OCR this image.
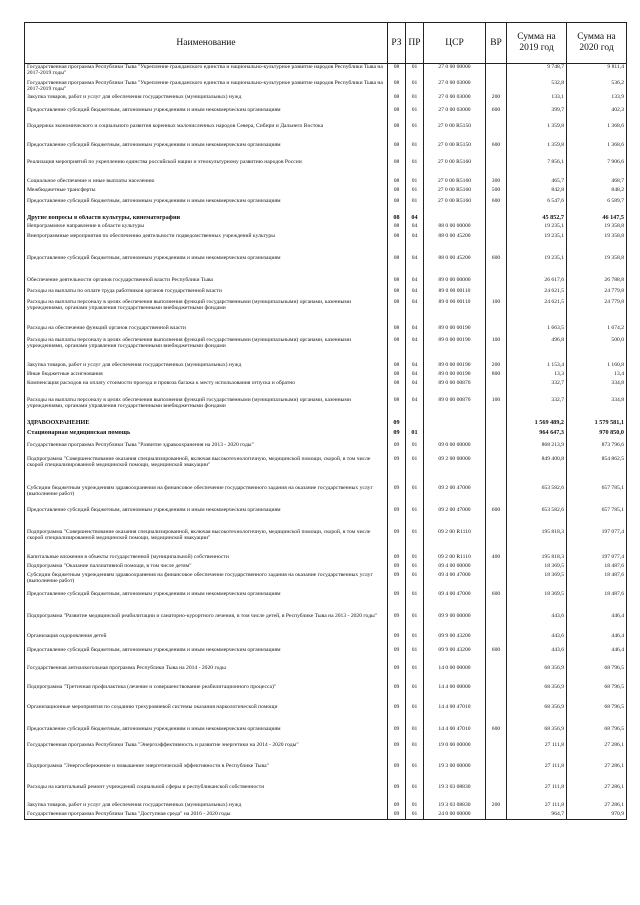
Наименование	РЗ	ПР	ЦСР	ВР	Сумма на 2019 год	Сумма на 2020 год
Государственная программа Республики Тыва "Укрепление гражданского единства и национально-культурное развитие народов Республики Тыва на 2017-2019 годы"	08	01	27 0 00 00000		9 748,7	9 811,4
Государственная программа Республики Тыва "Укрепление гражданского единства и национально-культурное развитие народов Республики Тыва на 2017-2019 годы"	08	01	27 0 00 03000		532,8	536,2
Закупка товаров, работ и услуг для обеспечения государственных (муниципальных) нужд	08	01	27 0 00 03000	200	133,1	133,9
Предоставление субсидий бюджетным, автономным учреждениям и иным некоммерческим организациям	08	01	27 0 00 03000	600	399,7	402,3
Поддержка экономического и социального развития коренных малочисленных народов Севера, Сибири и Дальнего Востока	08	01	27 0 00 R5150		1 359,8	1 368,6
Предоставление субсидий бюджетным, автономным учреждениям и иным некоммерческим организациям	08	01	27 0 00 R5150	600	1 359,8	1 368,6
Реализация мероприятий по укреплению единства российской нации и этнокультурному развитию народов России	08	01	27 0 00 R5160		7 856,1	7 906,6
Социальное обеспечение и иные выплаты населению	08	01	27 0 00 R5160	300	465,7	468,7
Межбюджетные трансферты	08	01	27 0 00 R5160	500	842,8	848,2
Предоставление субсидий бюджетным, автономным учреждениям и иным некоммерческим организациям	08	01	27 0 00 R5160	600	6 547,6	6 589,7
Другие вопросы в области культуры, кинематографии	08	04			45 852,7	46 147,5
Непрограммное направление в области культуры	08	04	88 0 00 00000		19 235,1	19 358,8
Внепрограммные мероприятия по обеспечению деятельности подведомственных учреждений культуры	08	04	88 0 00 45200		19 235,1	19 358,8
Предоставление субсидий бюджетным, автономным учреждениям и иным некоммерческим организациям	08	04	88 0 00 45200	600	19 235,1	19 358,8
Обеспечение деятельности органов государственной власти Республики Тыва	08	04	89 0 00 00000		26 617,6	26 788,8
Расходы на выплаты по оплате труда работников органов государственной власти	08	04	89 0 00 00110		24 621,5	24 779,8
Расходы на выплаты персоналу в целях обеспечения выполнения функций государственными (муниципальными) органами, казенными учреждениями, органами управления государственными внебюджетными фондами	08	04	89 0 00 00110	100	24 621,5	24 779,8
Расходы на обеспечение функций органов государственной власти	08	04	89 0 00 00190		1 663,5	1 674,2
Расходы на выплаты персоналу в целях обеспечения выполнения функций государственными (муниципальными) органами, казенными учреждениями, органами управления государственными внебюджетными фондами	08	04	89 0 00 00190	100	496,8	500,0
Закупка товаров, работ и услуг для обеспечения государственных (муниципальных) нужд	08	04	89 0 00 00190	200	1 153,4	1 160,8
Иные бюджетные ассигнования	08	04	89 0 00 00190	800	13,3	13,4
Компенсация расходов на оплату стоимости проезда и провоза багажа к месту использования отпуска и обратно	08	04	89 0 00 00870		332,7	334,8
Расходы на выплаты персоналу в целях обеспечения выполнения функций государственными (муниципальными) органами, казенными учреждениями, органами управления государственными внебюджетными фондами	08	04	89 0 00 00870	100	332,7	334,8
ЗДРАВООХРАНЕНИЕ	09				1 569 489,2	1 579 581,1
Стационарная медицинская помощь	09	01			964 647,3	970 850,0
Государственная программа Республики Тыва "Развитие здравоохранения на 2013 - 2020 годы"	09	01	09 0 00 00000		868 213,9	873 796,6
Подпрограмма "Совершенствование оказания специализированной, включая высокотехнологичную, медицинской помощи, скорой, в том числе скорой специализированной медицинской помощи, медицинской эвакуации"	09	01	09 2 00 00000		849 400,8	854 862,5
Субсидии бюджетным учреждениям здравоохранения на финансовое обеспечение государственного задания на оказание государственных услуг (выполнение работ)	09	01	09 2 00 47000		653 582,6	657 785,1
Предоставление субсидий бюджетным, автономным учреждениям и иным некоммерческим организациям	09	01	09 2 00 47000	600	653 582,6	657 785,1
Подпрограмма "Совершенствование оказания специализированной, включая высокотехнологичную, медицинской помощи, скорой, в том числе скорой специализированной медицинской помощи, медицинской эвакуации"	09	01	09 2 00 R1110		195 818,3	197 077,4
Капитальные вложения в объекты государственной (муниципальной) собственности	09	01	09 2 00 R1110	400	195 818,3	197 077,4
Подпрограмма "Оказание паллиативной помощи, в том числе детям"	09	01	09 4 00 00000		18 369,5	18 487,6
Субсидии бюджетным учреждениям здравоохранения на финансовое обеспечение государственного задания на оказание государственных услуг (выполнение работ)	09	01	09 4 00 47000		18 369,5	18 487,6
Предоставление субсидий бюджетным, автономным учреждениям и иным некоммерческим организациям	09	01	09 4 00 47000	600	18 369,5	18 487,6
Подпрограмма "Развитие медицинской реабилитации и санаторно-курортного лечения, в том числе детей, в Республике Тыва на 2013 - 2020 годы"	09	01	09 9 00 00000		443,6	446,4
Организация оздоровления детей	09	01	09 9 00 43200		443,6	446,4
Предоставление субсидий бюджетным, автономным учреждениям и иным некоммерческим организациям	09	01	09 9 00 43200	600	443,6	446,4
Государственная антиалкогольная программа Республики Тыва на 2014 - 2020 годы	09	01	14 0 00 00000		68 356,9	68 796,5
Подпрограмма "Третичная профилактика (лечение и совершенствование реабилитационного процесса)"	09	01	14 4 00 00000		68 356,9	68 796,5
Организационные мероприятия по созданию трехуровневой системы оказания наркологической помощи	09	01	14 4 00 47010		68 356,9	68 796,5
Предоставление субсидий бюджетным, автономным учреждениям и иным некоммерческим организациям	09	01	14 4 00 47010	600	68 356,9	68 796,5
Государственная программа Республики Тыва "Энергоэффективность и развитие энергетики на 2014 - 2020 годы"	09	01	19 0 00 00000		27 111,8	27 286,1
Подпрограмма "Энергосбережение и повышение энергетической эффективности в Республике Тыва"	09	01	19 3 00 00000		27 111,8	27 286,1
Расходы на капитальный ремонт учреждений социальной сферы и республиканской собственности	09	01	19 3 03 08830		27 111,8	27 286,1
Закупка товаров, работ и услуг для обеспечения государственных (муниципальных) нужд	09	01	19 3 03 08830	200	27 111,8	27 286,1
Государственная программа Республики Тыва "Доступная среда" на 2016 - 2020 годы	09	01	24 0 00 00000		964,7	970,9
